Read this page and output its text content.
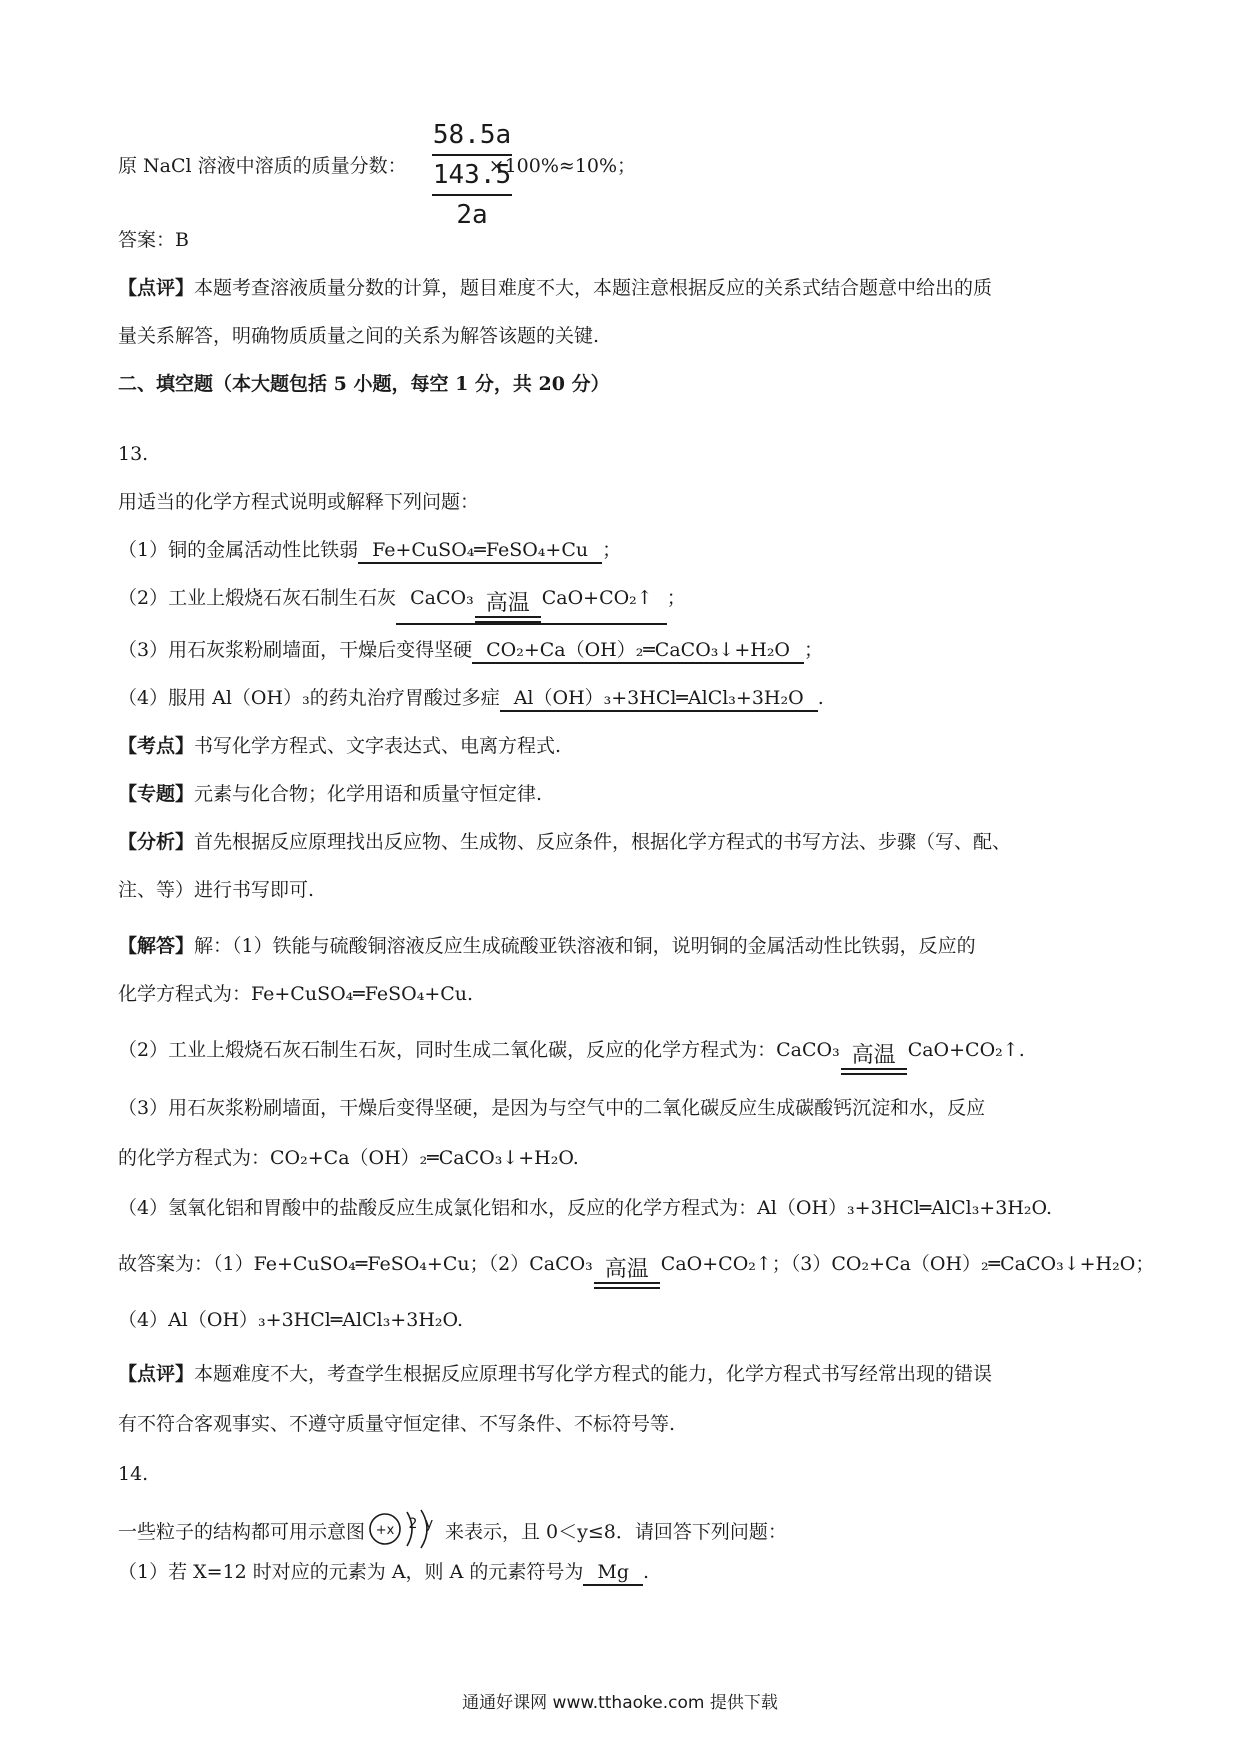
58.5a
143.5
2a
原 NaCl 溶液中溶质的质量分数：	×100%≈10%；
答案：B
【点评】本题考查溶液质量分数的计算，题目难度不大，本题注意根据反应的关系式结合题意中给出的质
量关系解答，明确物质质量之间的关系为解答该题的关键.
二、填空题（本大题包括 5 小题，每空 1 分，共 20 分）
13.
用适当的化学方程式说明或解释下列问题：
（1）铜的金属活动性比铁弱 Fe+CuSO₄═FeSO₄+Cu ；
（2）工业上煅烧石灰石制生石灰 CaCO₃ 高温 CaO+CO₂↑ ；
（3）用石灰浆粉刷墙面，干燥后变得坚硬 CO₂+Ca（OH）₂═CaCO₃↓+H₂O ；
（4）服用 Al（OH）₃的药丸治疗胃酸过多症 Al（OH）₃+3HCl═AlCl₃+3H₂O .
【考点】书写化学方程式、文字表达式、电离方程式.
【专题】元素与化合物；化学用语和质量守恒定律.
【分析】首先根据反应原理找出反应物、生成物、反应条件，根据化学方程式的书写方法、步骤（写、配、
注、等）进行书写即可.
【解答】解：（1）铁能与硫酸铜溶液反应生成硫酸亚铁溶液和铜，说明铜的金属活动性比铁弱，反应的
化学方程式为：Fe+CuSO₄═FeSO₄+Cu.
（2）工业上煅烧石灰石制生石灰，同时生成二氧化碳，反应的化学方程式为：CaCO₃ 高温 CaO+CO₂↑.
（3）用石灰浆粉刷墙面，干燥后变得坚硬，是因为与空气中的二氧化碳反应生成碳酸钙沉淀和水，反应
的化学方程式为：CO₂+Ca（OH）₂═CaCO₃↓+H₂O.
（4）氢氧化铝和胃酸中的盐酸反应生成氯化铝和水，反应的化学方程式为：Al（OH）₃+3HCl═AlCl₃+3H₂O.
故答案为：（1）Fe+CuSO₄═FeSO₄+Cu；（2）CaCO₃ 高温 CaO+CO₂↑；（3）CO₂+Ca（OH）₂═CaCO₃↓+H₂O；
（4）Al（OH）₃+3HCl═AlCl₃+3H₂O.
【点评】本题难度不大，考查学生根据反应原理书写化学方程式的能力，化学方程式书写经常出现的错误
有不符合客观事实、不遵守质量守恒定律、不写条件、不标符号等.
14.
一些粒子的结构都可用示意图 +x 2 y 来表示，且 0＜y≤8．请回答下列问题：
（1）若 X=12 时对应的元素为 A，则 A 的元素符号为 Mg .
通通好课网 www.tthaoke.com 提供下载
